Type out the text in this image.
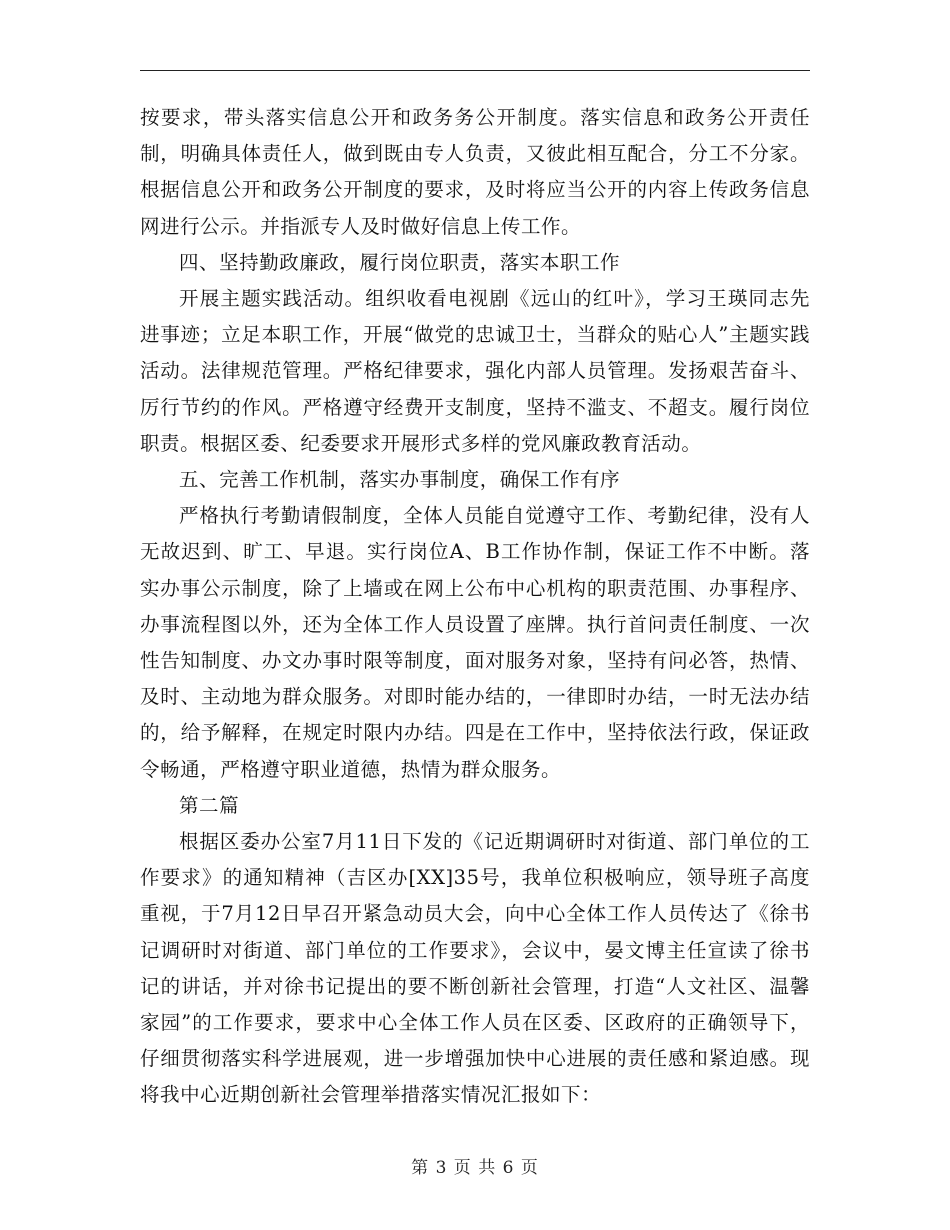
按要求，带头落实信息公开和政务务公开制度。落实信息和政务公开责任制，明确具体责任人，做到既由专人负责，又彼此相互配合，分工不分家。根据信息公开和政务公开制度的要求，及时将应当公开的内容上传政务信息网进行公示。并指派专人及时做好信息上传工作。

四、坚持勤政廉政，履行岗位职责，落实本职工作

开展主题实践活动。组织收看电视剧《远山的红叶》，学习王瑛同志先进事迹；立足本职工作，开展“做党的忠诚卫士，当群众的贴心人”主题实践活动。法律规范管理。严格纪律要求，强化内部人员管理。发扬艰苦奋斗、厉行节约的作风。严格遵守经费开支制度，坚持不滥支、不超支。履行岗位职责。根据区委、纪委要求开展形式多样的党风廉政教育活动。

五、完善工作机制，落实办事制度，确保工作有序

严格执行考勤请假制度，全体人员能自觉遵守工作、考勤纪律，没有人无故迟到、旷工、早退。实行岗位A、B工作协作制，保证工作不中断。落实办事公示制度，除了上墙或在网上公布中心机构的职责范围、办事程序、办事流程图以外，还为全体工作人员设置了座牌。执行首问责任制度、一次性告知制度、办文办事时限等制度，面对服务对象，坚持有问必答，热情、及时、主动地为群众服务。对即时能办结的，一律即时办结，一时无法办结的，给予解释，在规定时限内办结。四是在工作中，坚持依法行政，保证政令畅通，严格遵守职业道德，热情为群众服务。

第二篇

根据区委办公室7月11日下发的《记近期调研时对街道、部门单位的工作要求》的通知精神（吉区办[XX]35号，我单位积极响应，领导班子高度重视，于7月12日早召开紧急动员大会，向中心全体工作人员传达了《徐书记调研时对街道、部门单位的工作要求》，会议中，晏文博主任宣读了徐书记的讲话，并对徐书记提出的要不断创新社会管理，打造“人文社区、温馨家园”的工作要求，要求中心全体工作人员在区委、区政府的正确领导下，仔细贯彻落实科学进展观，进一步增强加快中心进展的责任感和紧迫感。现将我中心近期创新社会管理举措落实情况汇报如下：

第 3 页 共 6 页
